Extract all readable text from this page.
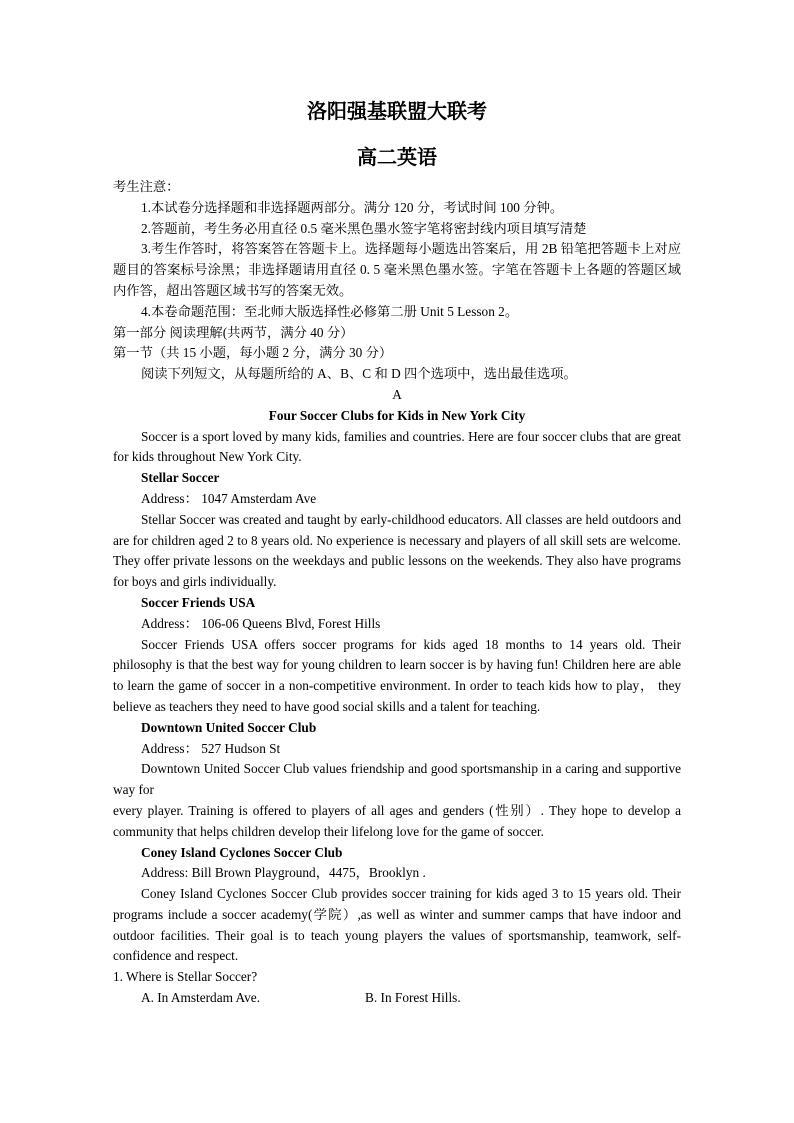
洛阳强基联盟大联考
高二英语

考生注意：

1.本试卷分选择题和非选择题两部分。满分 120 分，考试时间 100 分钟。

2.答题前，考生务必用直径 0.5 毫米黑色墨水签字笔将密封线内项目填写清楚

3.考生作答时，将答案答在答题卡上。选择题每小题选出答案后，用 2B 铅笔把答题卡上对应题目的答案标号涂黑；非选择题请用直径 0. 5 毫米黑色墨水签。字笔在答题卡上各题的答题区域内作答，超出答题区域书写的答案无效。

4.本卷命题范围：至北师大版选择性必修第二册 Unit 5 Lesson 2。

第一部分 阅读理解(共两节，满分 40 分）

第一节（共 15 小题，每小题 2 分，满分 30 分）

阅读下列短文，从每题所给的 A、B、C 和 D 四个选项中，选出最佳选项。

A

Four Soccer Clubs for Kids in New York City

Soccer is a sport loved by many kids, families and countries. Here are four soccer clubs that are great for kids throughout New York City.

Stellar Soccer

Address： 1047 Amsterdam Ave

Stellar Soccer was created and taught by early-childhood educators. All classes are held outdoors and are for children aged 2 to 8 years old. No experience is necessary and players of all skill sets are welcome. They offer private lessons on the weekdays and public lessons on the weekends. They also have programs for boys and girls individually.

Soccer Friends USA

Address： 106-06 Queens Blvd, Forest Hills

Soccer Friends USA offers soccer programs for kids aged 18 months to 14 years old. Their philosophy is that the best way for young children to learn soccer is by having fun! Children here are able to learn the game of soccer in a non-competitive environment. In order to teach kids how to play， they believe as teachers they need to have good social skills and a talent for teaching.

Downtown United Soccer Club

Address： 527 Hudson St

Downtown United Soccer Club values friendship and good sportsmanship in a caring and supportive way for

every player. Training is offered to players of all ages and genders (性别）. They hope to develop a community that helps children develop their lifelong love for the game of soccer.

Coney Island Cyclones Soccer Club

Address: Bill Brown Playground，4475，Brooklyn .

Coney Island Cyclones Soccer Club provides soccer training for kids aged 3 to 15 years old. Their programs include a soccer academy(学院）,as well as winter and summer camps that have indoor and outdoor facilities. Their goal is to teach young players the values of sportsmanship, teamwork, self-confidence and respect.

1. Where is Stellar Soccer?

A. In Amsterdam Ave.	B. In Forest Hills.
